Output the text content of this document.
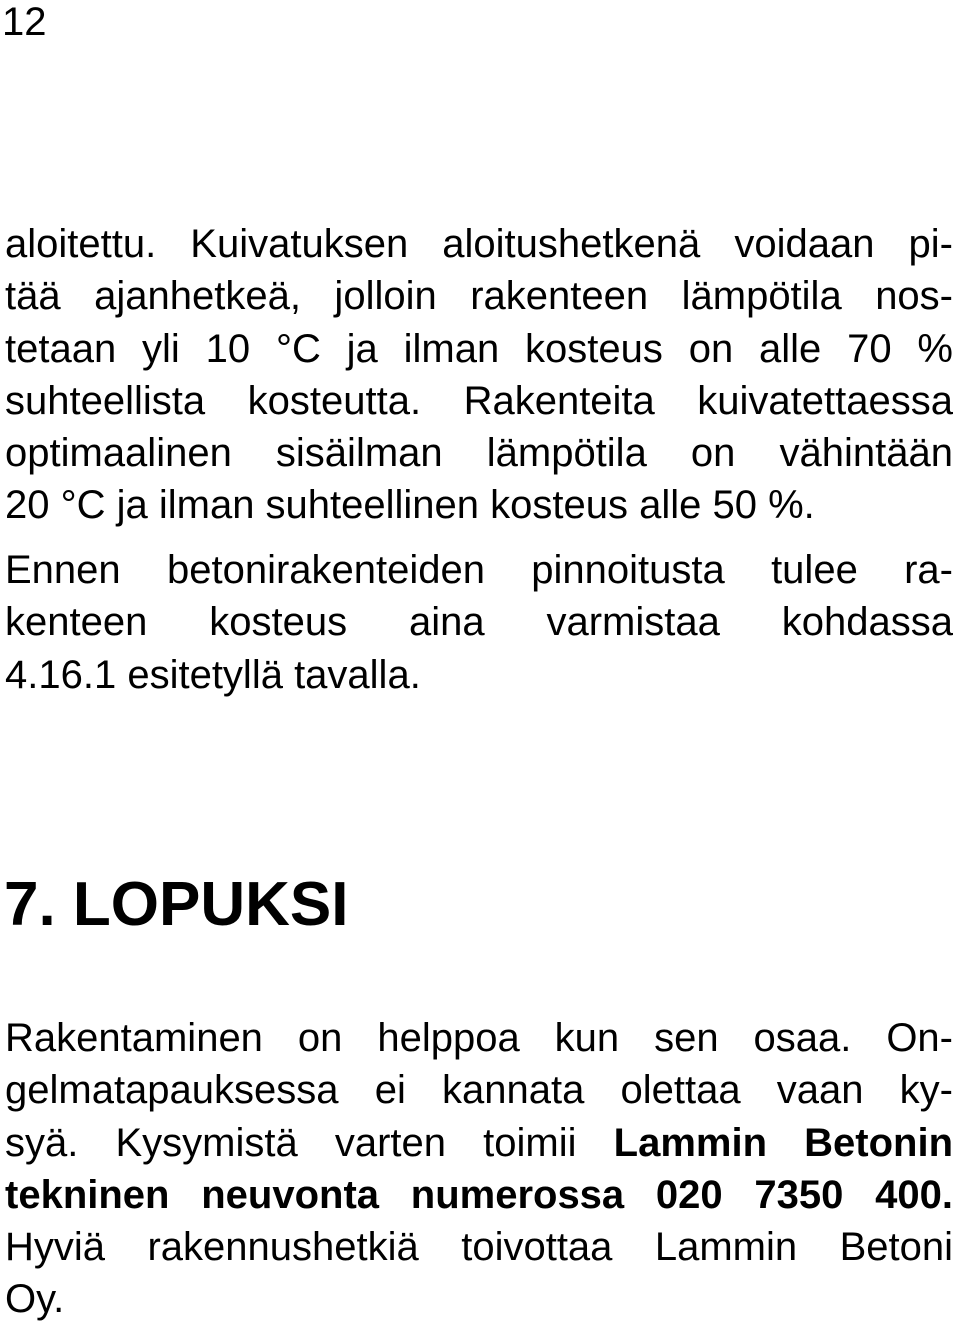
12

aloitettu. Kuivatuksen aloitushetkenä voidaan pi-
tää ajanhetkeä, jolloin rakenteen lämpötila nos-
tetaan yli 10 °C ja ilman kosteus on alle 70 %
suhteellista kosteutta. Rakenteita kuivatettaessa
optimaalinen sisäilman lämpötila on vähintään
20 °C ja ilman suhteellinen kosteus alle 50 %.
Ennen betonirakenteiden pinnoitusta tulee ra-
kenteen kosteus aina varmistaa kohdassa
4.16.1 esitetyllä tavalla.
7. LOPUKSI
Rakentaminen on helppoa kun sen osaa. On-
gelmatapauksessa ei kannata olettaa vaan ky-
syä. Kysymistä varten toimii Lammin Betonin
tekninen neuvonta numerossa 020 7350 400.
Hyviä rakennushetkiä toivottaa Lammin Betoni
Oy.
